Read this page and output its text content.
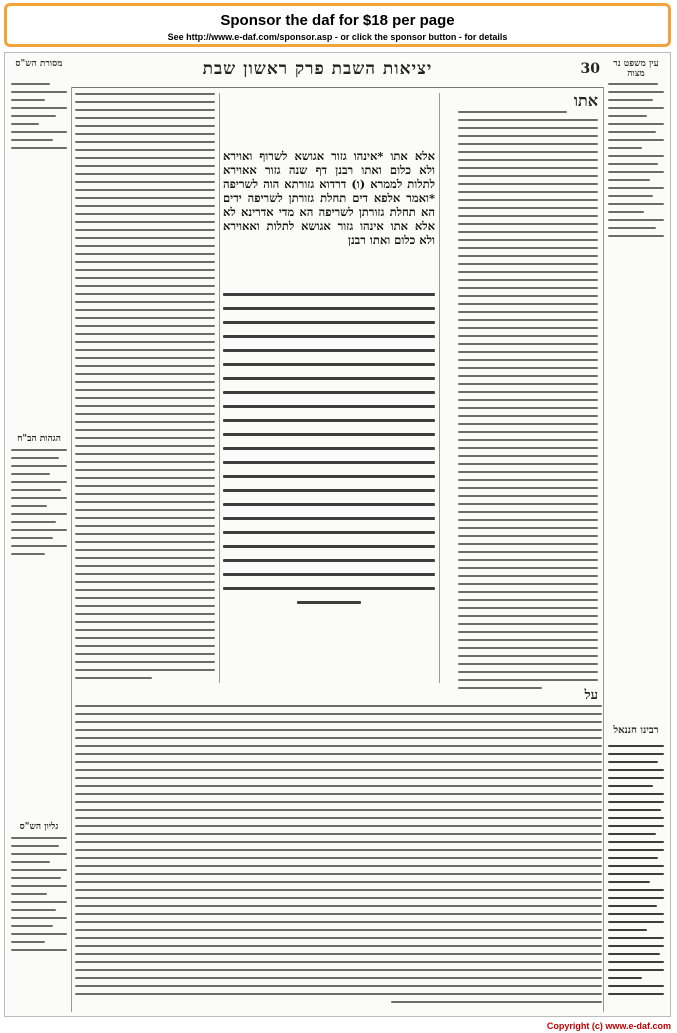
Sponsor the daf for $18 per page
See http://www.e-daf.com/sponsor.asp - or click the sponsor button - for details
30
יציאות השבת פרק ראשון שבת	עין משפט נר מצוה
מסורת הש"ס
רבינו חננאל
הגהות הב"ח
גליון הש"ס
אתו
אלא אתו *אינהו גזור אגושא לשרוף ואוירא ולא כלום ואתו רבנן דף שנה גזור אאוירא לתלות לממרא (ו) דרדוא גזורתא הוה לשריפה *ואמר אלפא דים תחלת גזורתן לשריפה ידים הא תחלת גזורתן לשריפה הא מדי אדרינא לא אלא אתו אינהו גזור אגושא לתלות ואאוירא ולא כלום ואתו רבנן
על
Copyright (c) www.e-daf.com
